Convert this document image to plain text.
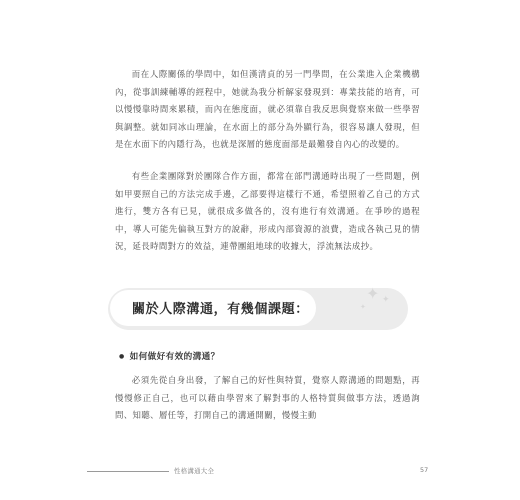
而在人際關係的學問中，如但漢清貞的另一門學問，在公業進入企業機構內，從事訓練輔導的經程中，她就為我分析解家發現到：專業技能的培育，可以慢慢靠時間來累積，而內在態度面，就必須靠自我反思與覺察來做一些學習與調整。就如同冰山理論，在水面上的部分為外顯行為，很容易讓人發現，但是在水面下的內隱行為，也就是深層的態度面部是最難發自內心的改變的。

有些企業團隊對於團隊合作方面，都常在部門溝通時出現了一些問題，例如甲要照自己的方法完成手邊，乙部要得這樣行不通，希望照着乙自己的方式進行，雙方各有已見，就很成多做各的，沒有進行有效溝通。在爭吵的過程中，導人可能先偏執互對方的說辭，形成內部資源的浪費，造成各執己見的情況，延長時間對方的效益，連帶團組地球的收據大，浮流無法成抄。

關於人際溝通，有幾個課題：
✦ ✦
✦
● 如何做好有效的溝通？

必須先從自身出發，了解自己的好性與特質，覺察人際溝通的問題點，再慢慢修正自己，也可以藉由學習來了解對事的人格特質與做事方法，透過詢問、知聽、層任等，打開自己的溝通開關，慢慢主動

性格溝通大全	57
